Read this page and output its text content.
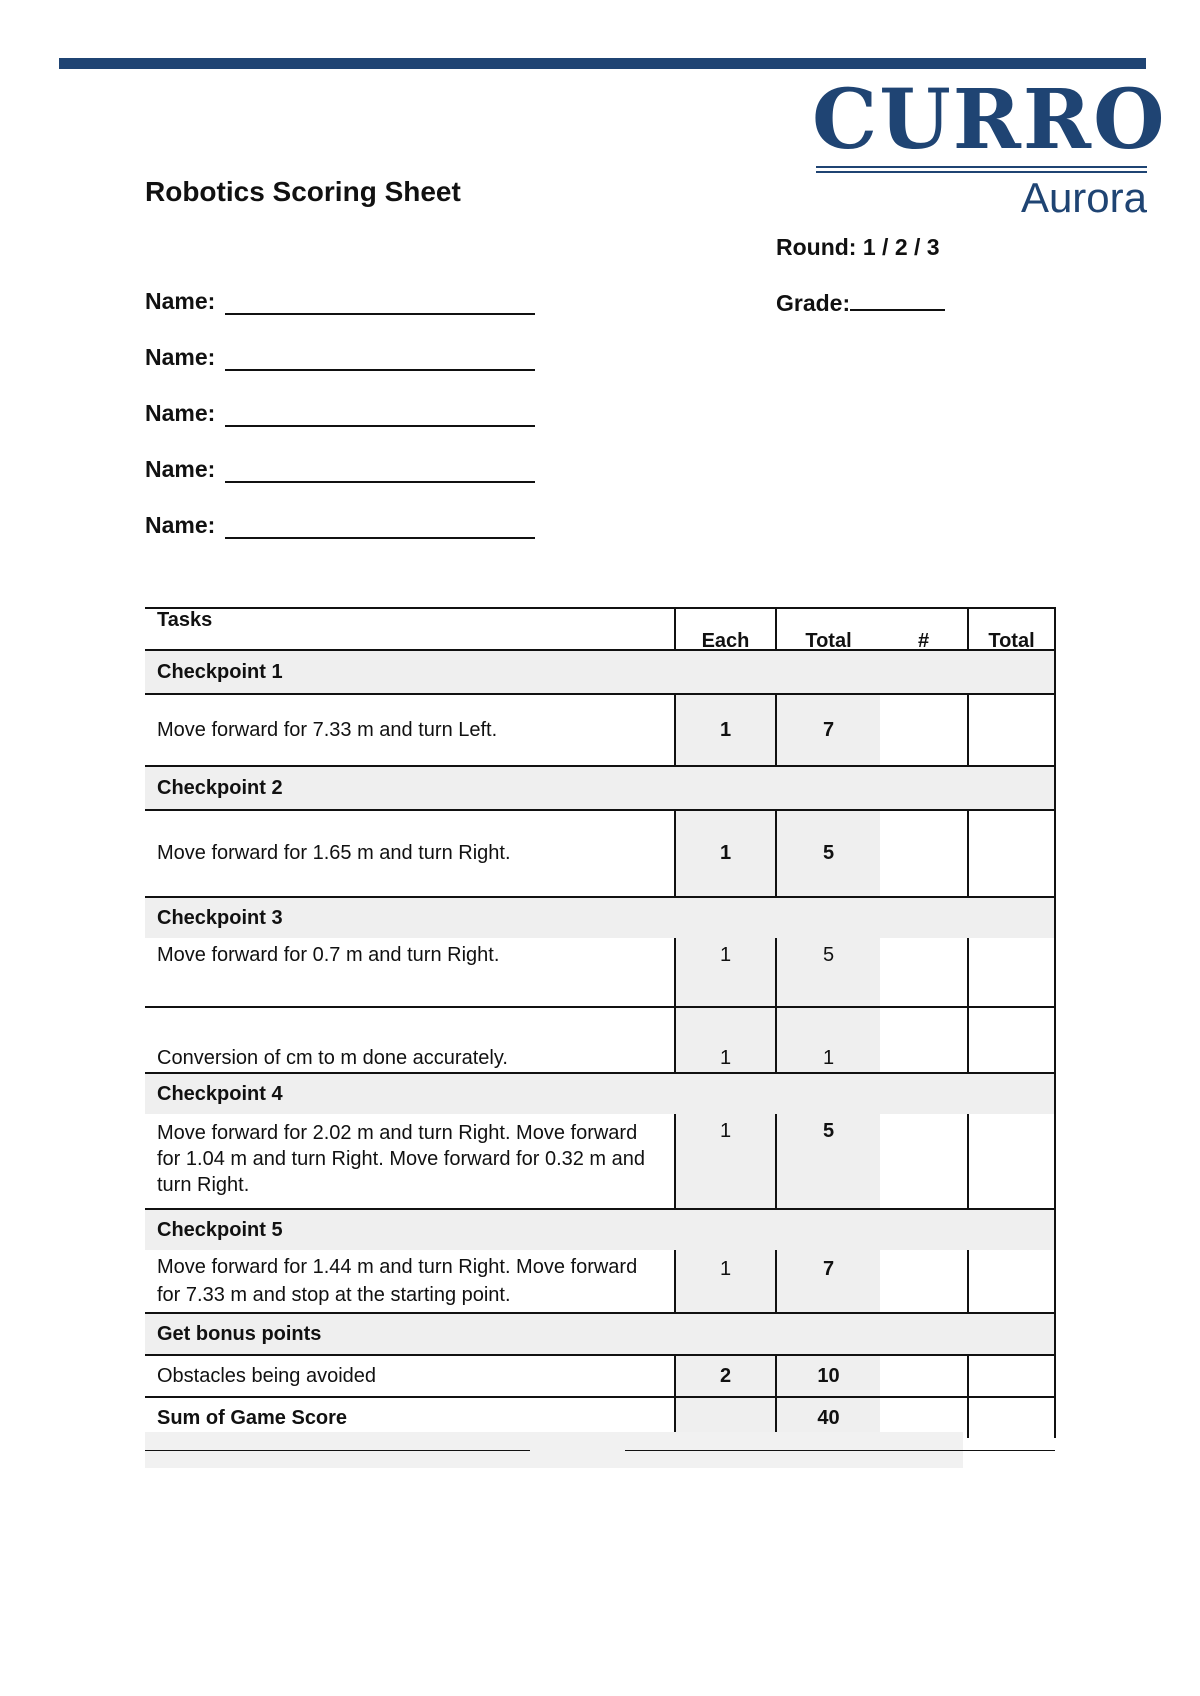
CURRO
Aurora
Robotics Scoring Sheet
Name:
Name:
Name:
Name:
Name:
Round: 1 / 2 / 3
Grade:
Tasks	Each	Total	#	Total
Checkpoint 1				
Move forward for 7.33 m and turn Left.	1	7		
Checkpoint 2				
Move forward for 1.65 m and turn Right.	1	5		
Checkpoint 3				
Move forward for 0.7 m and turn Right.	1	5		
Conversion of cm to m done accurately.	1	1		
Checkpoint 4				
Move forward for 2.02 m and turn Right. Move forward for 1.04 m and turn Right. Move forward for 0.32 m and turn Right.	1	5		
Checkpoint 5				
Move forward for 1.44 m and turn Right. Move forward for 7.33 m and stop at the starting point.	1	7		
Get bonus points				
Obstacles being avoided	2	10		
Sum of Game Score		40		
